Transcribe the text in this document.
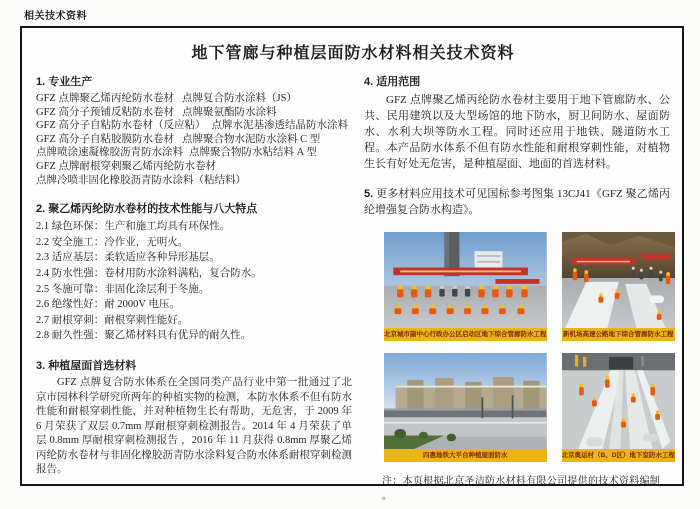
相关技术资料
地下管廊与种植层面防水材料相关技术资料
1. 专业生产
GFZ 点牌聚乙烯丙纶防水卷材 点牌复合防水涂料（JS）
GFZ 高分子预铺反粘防水卷材 点牌聚氨酯防水涂料
GFZ 高分子自粘防水卷材（反应粘） 点牌水泥基渗透结晶防水涂料
GFZ 高分子自粘胶膜防水卷材 点牌聚合物水泥防水涂料 C 型
点牌喷涂速凝橡胶沥青防水涂料 点牌聚合物防水粘结料 A 型
GFZ 点牌耐根穿刺聚乙烯丙纶防水卷材
点牌冷喷非固化橡胶沥青防水涂料（粘结料）
2. 聚乙烯丙纶防水卷材的技术性能与八大特点
2.1 绿色环保：生产和施工均具有环保性。
2.2 安全施工：冷作业，无明火。
2.3 适应基层：柔软适应各种异形基层。
2.4 防水性强：卷材用防水涂料满粘，复合防水。
2.5 冬施可靠：非固化涂层利于冬施。
2.6 绝缘性好：耐 2000V 电压。
2.7 耐根穿刺：耐根穿刺性能好。
2.8 耐久性强：聚乙烯材料具有优异的耐久性。
3. 种植屋面首选材料
GFZ 点牌复合防水体系在全国同类产品行业中第一批通过了北京市园林科学研究所两年的种植实物的检测，本防水体系不但有防水性能和耐根穿刺性能，并对种植物生长有帮助，无危害，于 2009 年 6 月荣获了双层 0.7mm 厚耐根穿刺检测报告。2014 年 4 月荣获了单层 0.8mm 厚耐根穿刺检测报告 ，2016 年 11 月获得 0.8mm 厚聚乙烯丙纶防水卷材与非固化橡胶沥青防水涂料复合防水体系耐根穿刺检测报告。
4. 适用范围
GFZ 点牌聚乙烯丙纶防水卷材主要用于地下管廊防水、公共、民用建筑以及大型场馆的地下防水，厨卫间防水、屋面防水、水利大坝等防水工程。同时还应用于地铁、隧道防水工程。本产品防水体系不但有防水性能和耐根穿刺性能，对植物生长有好处无危害，是种植屋面、地面的首选材料。
5. 更多材料应用技术可见国标参考图集 13CJ41《GFZ 聚乙烯丙纶增强复合防水构造》。
北京城市副中心行政办公区启动区地下综合管廊防水工程	新机场高速公路地下综合管廊防水工程
四惠地铁大平台种植屋面防水	北京奥运村（B、D区）地下室防水工程
注：本页根据北京圣洁防水材料有限公司提供的技术资料编制 。
